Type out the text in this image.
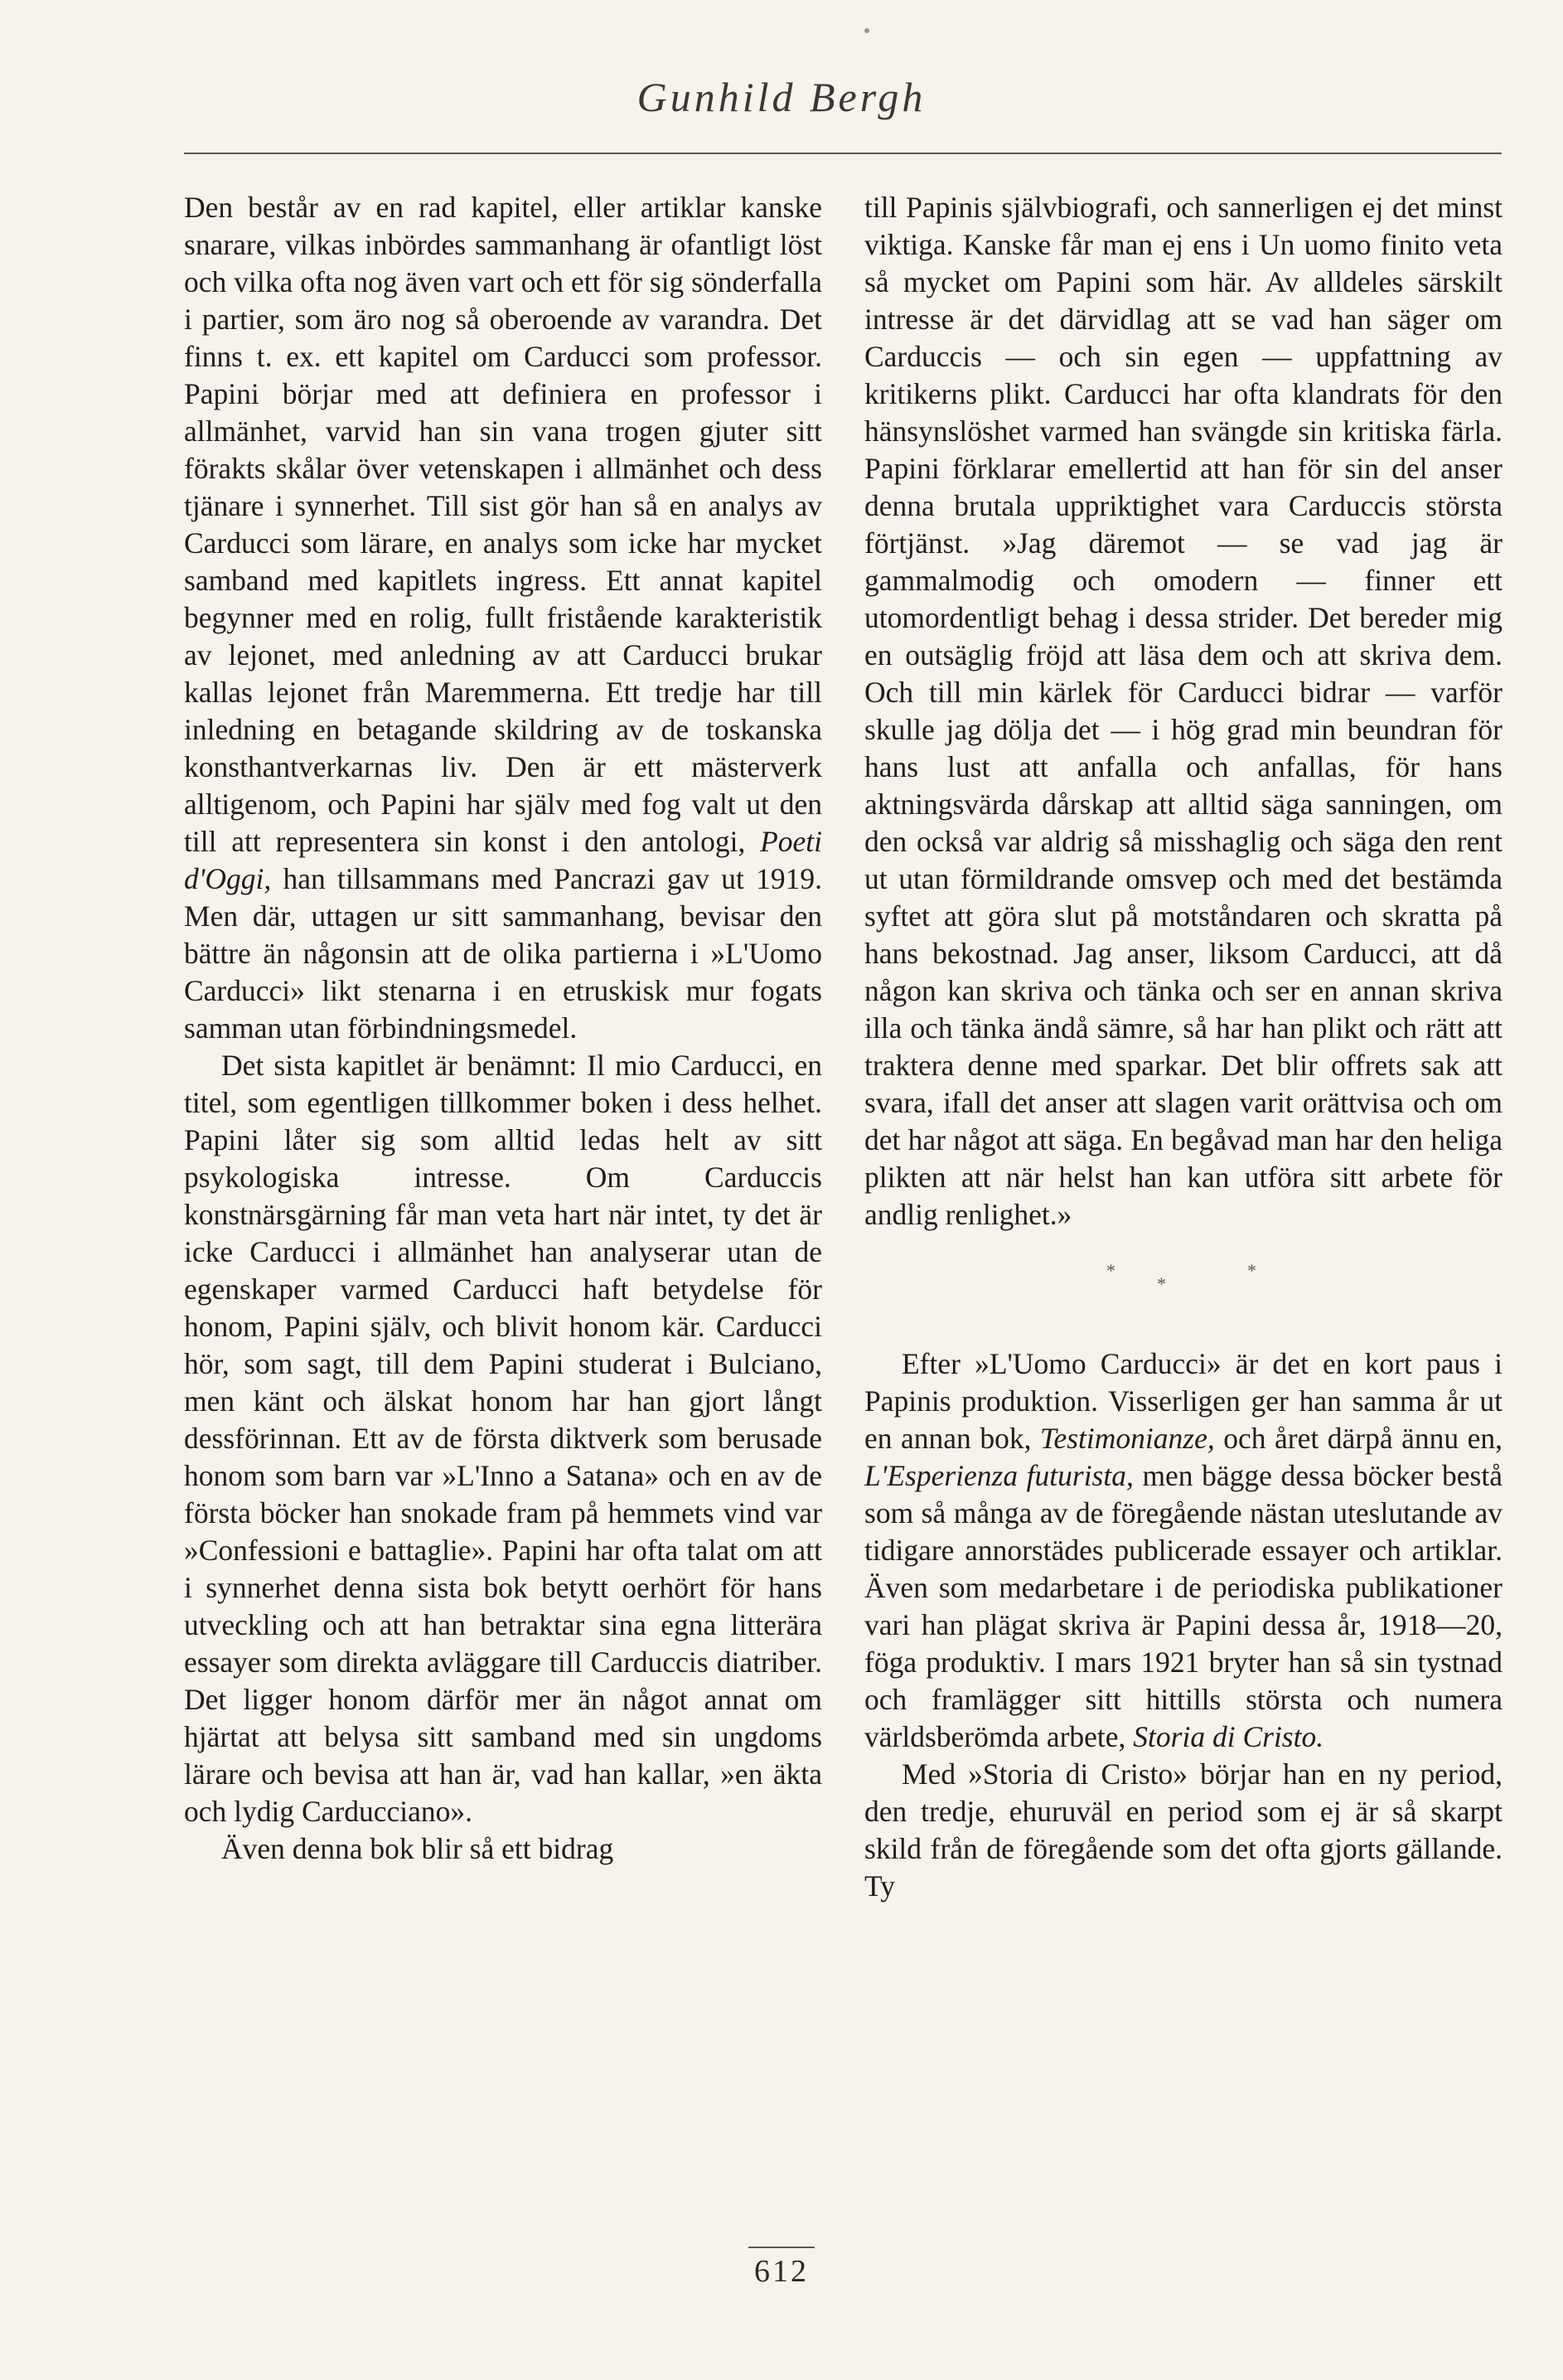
Gunhild Bergh

Den består av en rad kapitel, eller artiklar kanske snarare, vilkas inbördes sammanhang är ofantligt löst och vilka ofta nog även vart och ett för sig sönderfalla i partier, som äro nog så oberoende av varandra. Det finns t. ex. ett kapitel om Carducci som professor. Papini börjar med att definiera en professor i allmänhet, varvid han sin vana trogen gjuter sitt förakts skålar över vetenskapen i allmänhet och dess tjänare i synnerhet. Till sist gör han så en analys av Carducci som lärare, en analys som icke har mycket samband med kapitlets ingress. Ett annat kapitel begynner med en rolig, fullt fristående karakteristik av lejonet, med anledning av att Carducci brukar kallas lejonet från Maremmerna. Ett tredje har till inledning en betagande skildring av de toskanska konsthantverkarnas liv. Den är ett mästerverk alltigenom, och Papini har själv med fog valt ut den till att representera sin konst i den antologi, Poeti d'Oggi, han tillsammans med Pancrazi gav ut 1919. Men där, uttagen ur sitt sammanhang, bevisar den bättre än någonsin att de olika partierna i »L'Uomo Carducci» likt stenarna i en etruskisk mur fogats samman utan förbindningsmedel.

Det sista kapitlet är benämnt: Il mio Carducci, en titel, som egentligen tillkommer boken i dess helhet. Papini låter sig som alltid ledas helt av sitt psykologiska intresse. Om Carduccis konstnärsgärning får man veta hart när intet, ty det är icke Carducci i allmänhet han analyserar utan de egenskaper varmed Carducci haft betydelse för honom, Papini själv, och blivit honom kär. Carducci hör, som sagt, till dem Papini studerat i Bulciano, men känt och älskat honom har han gjort långt dessförinnan. Ett av de första diktverk som berusade honom som barn var »L'Inno a Satana» och en av de första böcker han snokade fram på hemmets vind var »Confessioni e battaglie». Papini har ofta talat om att i synnerhet denna sista bok betytt oerhört för hans utveckling och att han betraktar sina egna litterära essayer som direkta avläggare till Carduccis diatriber. Det ligger honom därför mer än något annat om hjärtat att belysa sitt samband med sin ungdoms lärare och bevisa att han är, vad han kallar, »en äkta och lydig Carducciano».

Även denna bok blir så ett bidrag

till Papinis självbiografi, och sannerligen ej det minst viktiga. Kanske får man ej ens i Un uomo finito veta så mycket om Papini som här. Av alldeles särskilt intresse är det därvidlag att se vad han säger om Carduccis — och sin egen — uppfattning av kritikerns plikt. Carducci har ofta klandrats för den hänsynslöshet varmed han svängde sin kritiska färla. Papini förklarar emellertid att han för sin del anser denna brutala uppriktighet vara Carduccis största förtjänst. »Jag däremot — se vad jag är gammalmodig och omodern — finner ett utomordentligt behag i dessa strider. Det bereder mig en outsäglig fröjd att läsa dem och att skriva dem. Och till min kärlek för Carducci bidrar — varför skulle jag dölja det — i hög grad min beundran för hans lust att anfalla och anfallas, för hans aktningsvärda dårskap att alltid säga sanningen, om den också var aldrig så misshaglig och säga den rent ut utan förmildrande omsvep och med det bestämda syftet att göra slut på motståndaren och skratta på hans bekostnad. Jag anser, liksom Carducci, att då någon kan skriva och tänka och ser en annan skriva illa och tänka ändå sämre, så har han plikt och rätt att traktera denne med sparkar. Det blir offrets sak att svara, ifall det anser att slagen varit orättvisa och om det har något att säga. En begåvad man har den heliga plikten att när helst han kan utföra sitt arbete för andlig renlighet.»

*
*
*

Efter »L'Uomo Carducci» är det en kort paus i Papinis produktion. Visserligen ger han samma år ut en annan bok, Testimonianze, och året därpå ännu en, L'Esperienza futurista, men bägge dessa böcker bestå som så många av de föregående nästan uteslutande av tidigare annorstädes publicerade essayer och artiklar. Även som medarbetare i de periodiska publikationer vari han plägat skriva är Papini dessa år, 1918—20, föga produktiv. I mars 1921 bryter han så sin tystnad och framlägger sitt hittills största och numera världsberömda arbete, Storia di Cristo.

Med »Storia di Cristo» börjar han en ny period, den tredje, ehuruväl en period som ej är så skarpt skild från de föregående som det ofta gjorts gällande. Ty

612
